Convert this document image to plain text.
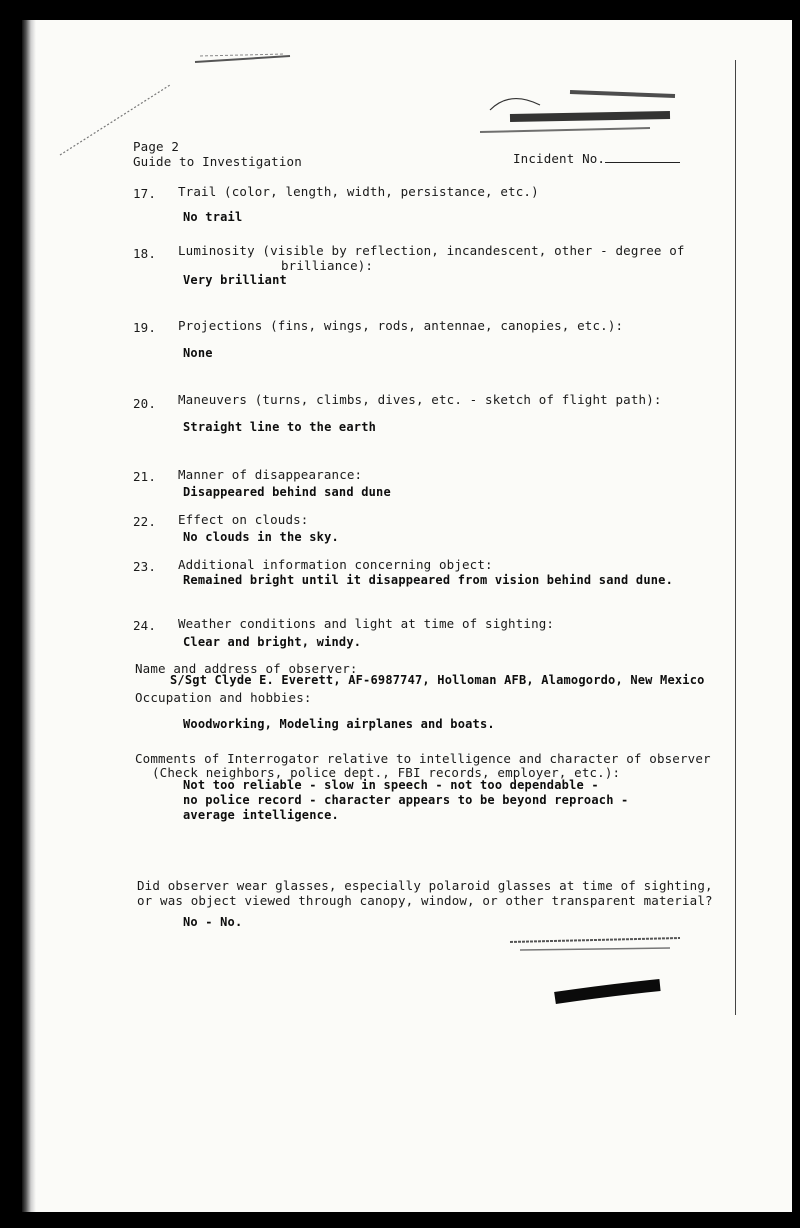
Page 2
Guide to Investigation	Incident No.
17. Trail (color, length, width, persistance, etc.)
No trail
18. Luminosity (visible by reflection, incandescent, other - degree of
brilliance):
Very brilliant
19. Projections (fins, wings, rods, antennae, canopies, etc.):
None
20. Maneuvers (turns, climbs, dives, etc. - sketch of flight path):
Straight line to the earth
21. Manner of disappearance:
Disappeared behind sand dune
22. Effect on clouds:
No clouds in the sky.
23. Additional information concerning object:
Remained bright until it disappeared from vision behind sand dune.
24. Weather conditions and light at time of sighting:
Clear and bright, windy.
Name and address of observer:
S/Sgt Clyde E. Everett, AF-6987747, Holloman AFB, Alamogordo, New Mexico
Occupation and hobbies:
Woodworking, Modeling airplanes and boats.
Comments of Interrogator relative to intelligence and character of observer
(Check neighbors, police dept., FBI records, employer, etc.):
Not too reliable - slow in speech - not too dependable -
no police record - character appears to be beyond reproach -
average intelligence.
Did observer wear glasses, especially polaroid glasses at time of sighting,
or was object viewed through canopy, window, or other transparent material?
No - No.
